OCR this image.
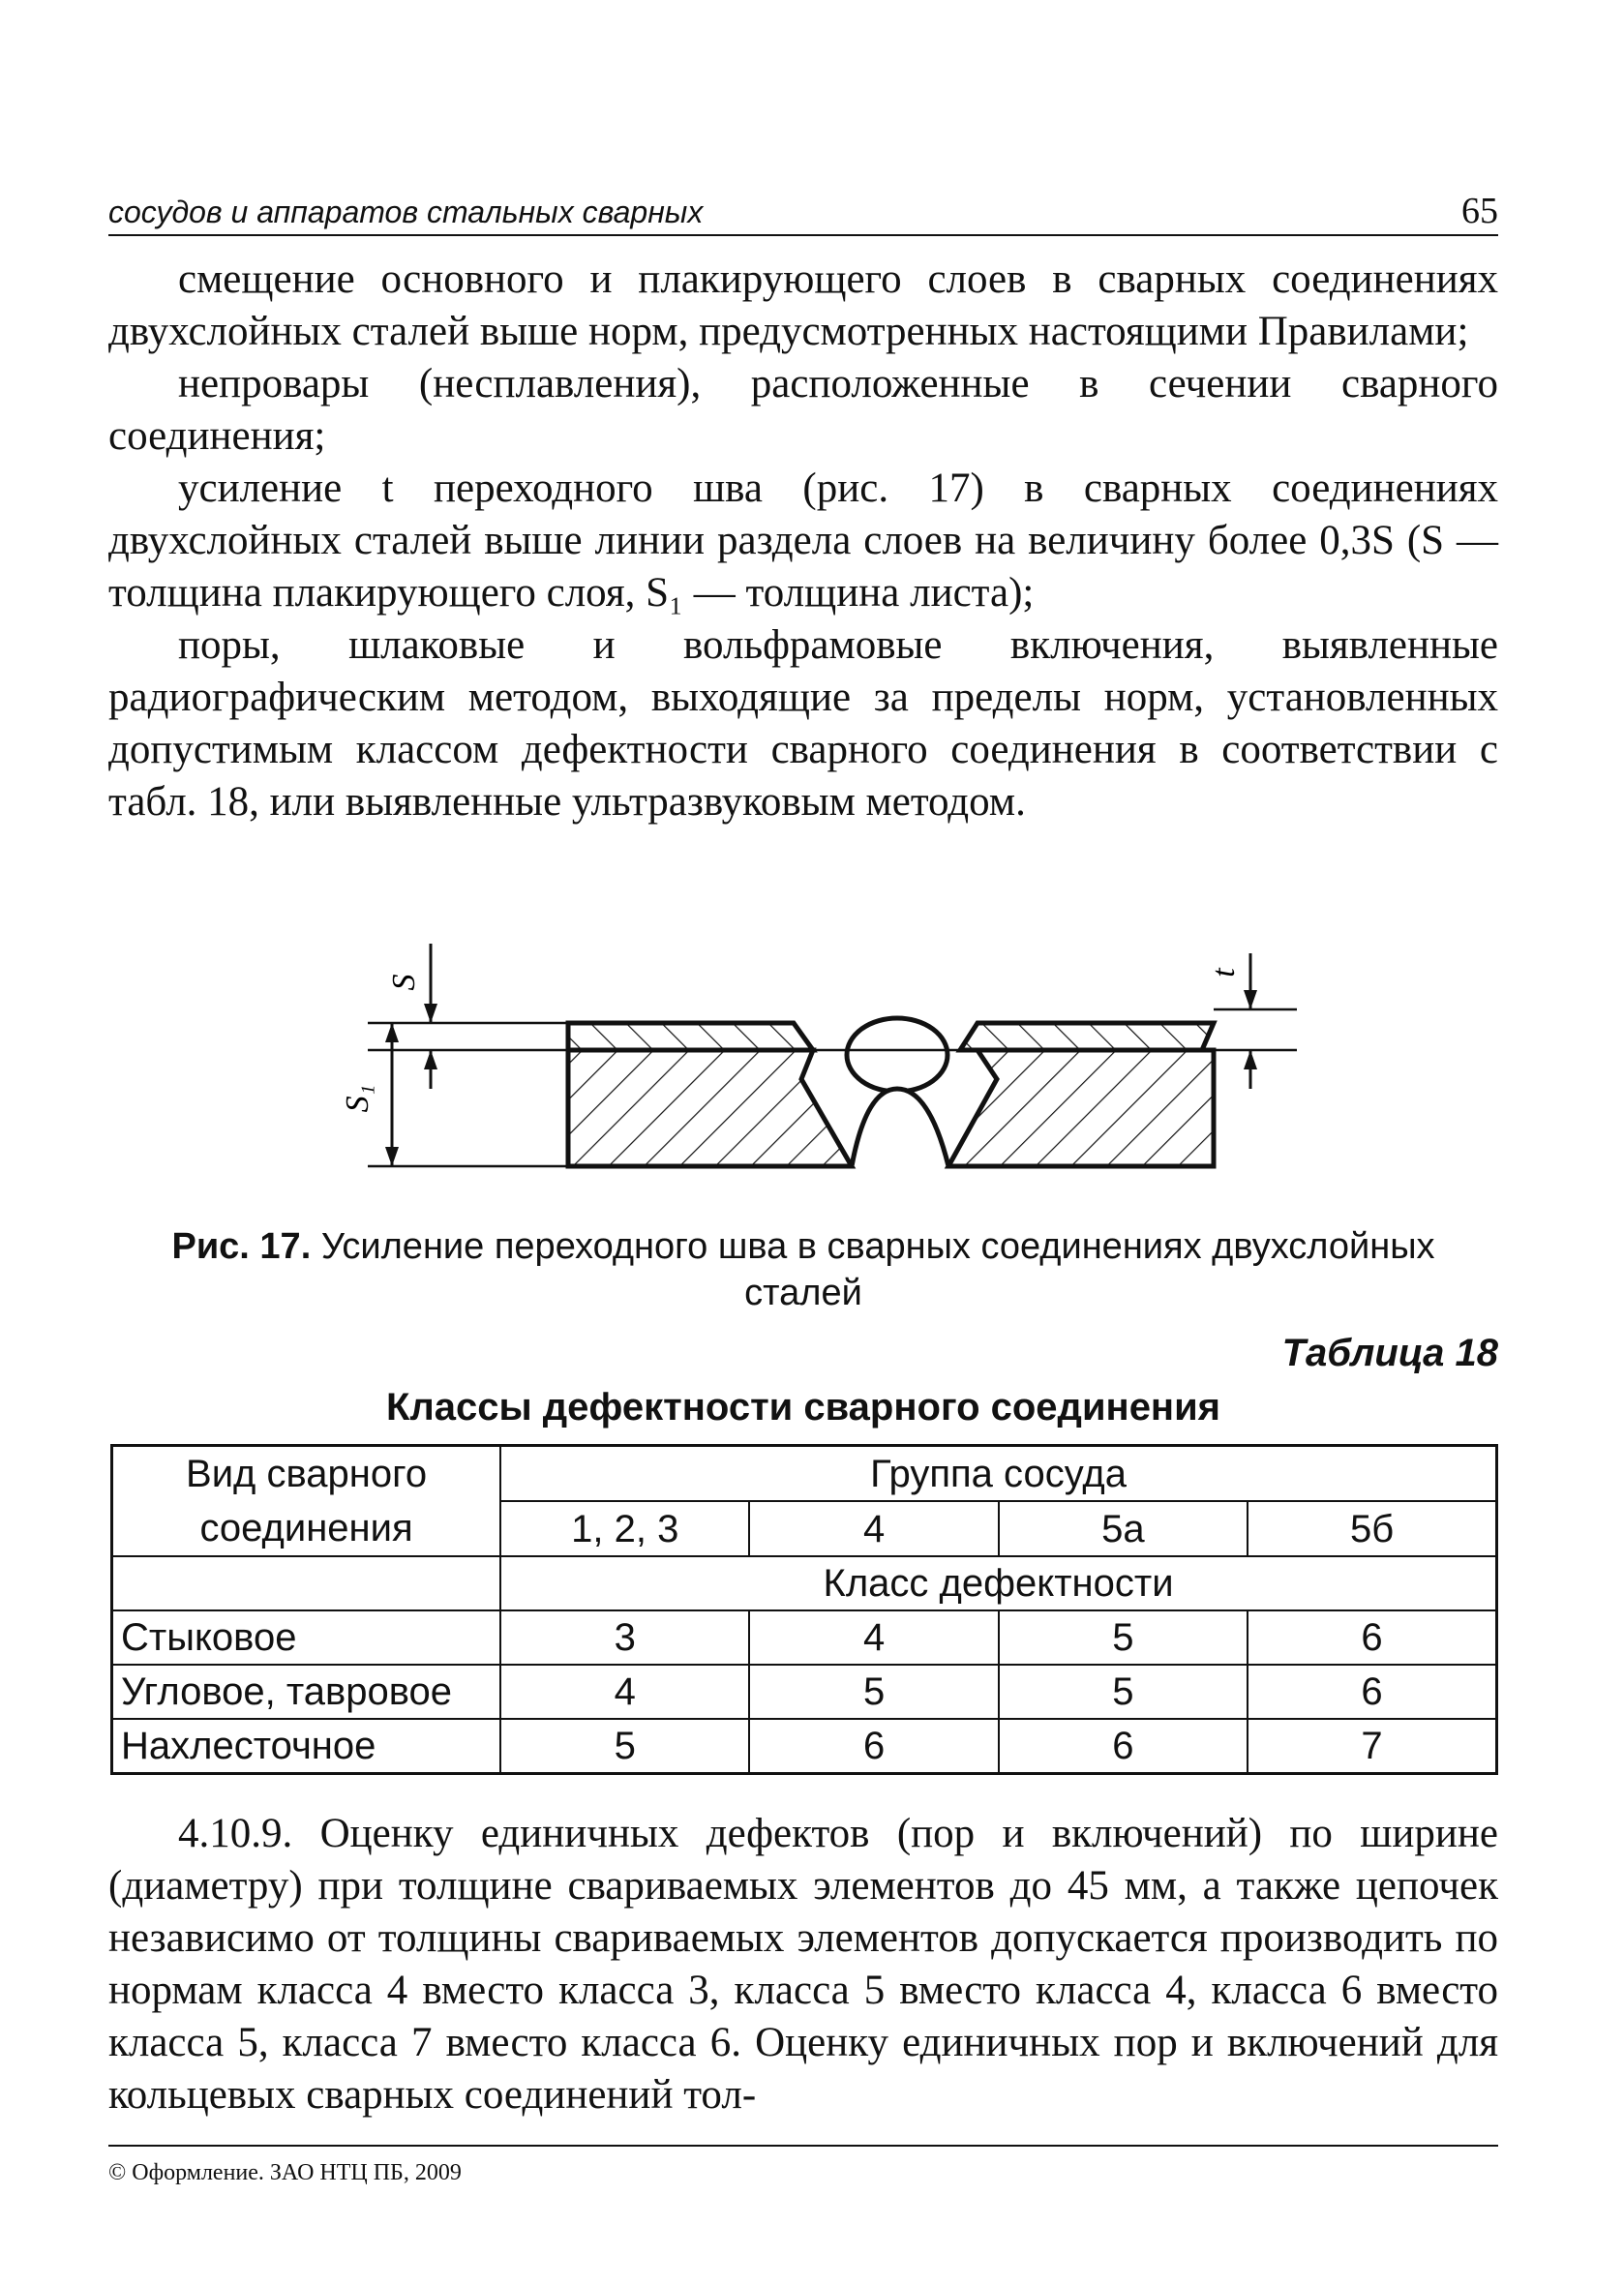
сосудов и аппаратов стальных сварных	65

смещение основного и плакирующего слоев в сварных соединениях двухслойных сталей выше норм, предусмотренных настоящими Правилами;

непровары (несплавления), расположенные в сечении сварного соединения;

усиление t переходного шва (рис. 17) в сварных соединениях двухслойных сталей выше линии раздела слоев на величину более 0,3S (S — толщина плакирующего слоя, S₁ — толщина листа);

поры, шлаковые и вольфрамовые включения, выявленные радиографическим методом, выходящие за пределы норм, установленных допустимым классом дефектности сварного соединения в соответствии с табл. 18, или выявленные ультразвуковым методом.

S
S₁
t
Рис. 17. Усиление переходного шва в сварных соединениях двухслойных сталей
Таблица 18
Классы дефектности сварного соединения
Вид сварного соединения	Группа сосуда			
	1, 2, 3	4	5а	5б
	Класс дефектности			
Стыковое	3	4	5	6
Угловое, тавровое	4	5	5	6
Нахлесточное	5	6	6	7

4.10.9. Оценку единичных дефектов (пор и включений) по ширине (диаметру) при толщине свариваемых элементов до 45 мм, а также цепочек независимо от толщины свариваемых элементов допускается производить по нормам класса 4 вместо класса 3, класса 5 вместо класса 4, класса 6 вместо класса 5, класса 7 вместо класса 6. Оценку единичных пор и включений для кольцевых сварных соединений тол-

© Оформление. ЗАО НТЦ ПБ, 2009
